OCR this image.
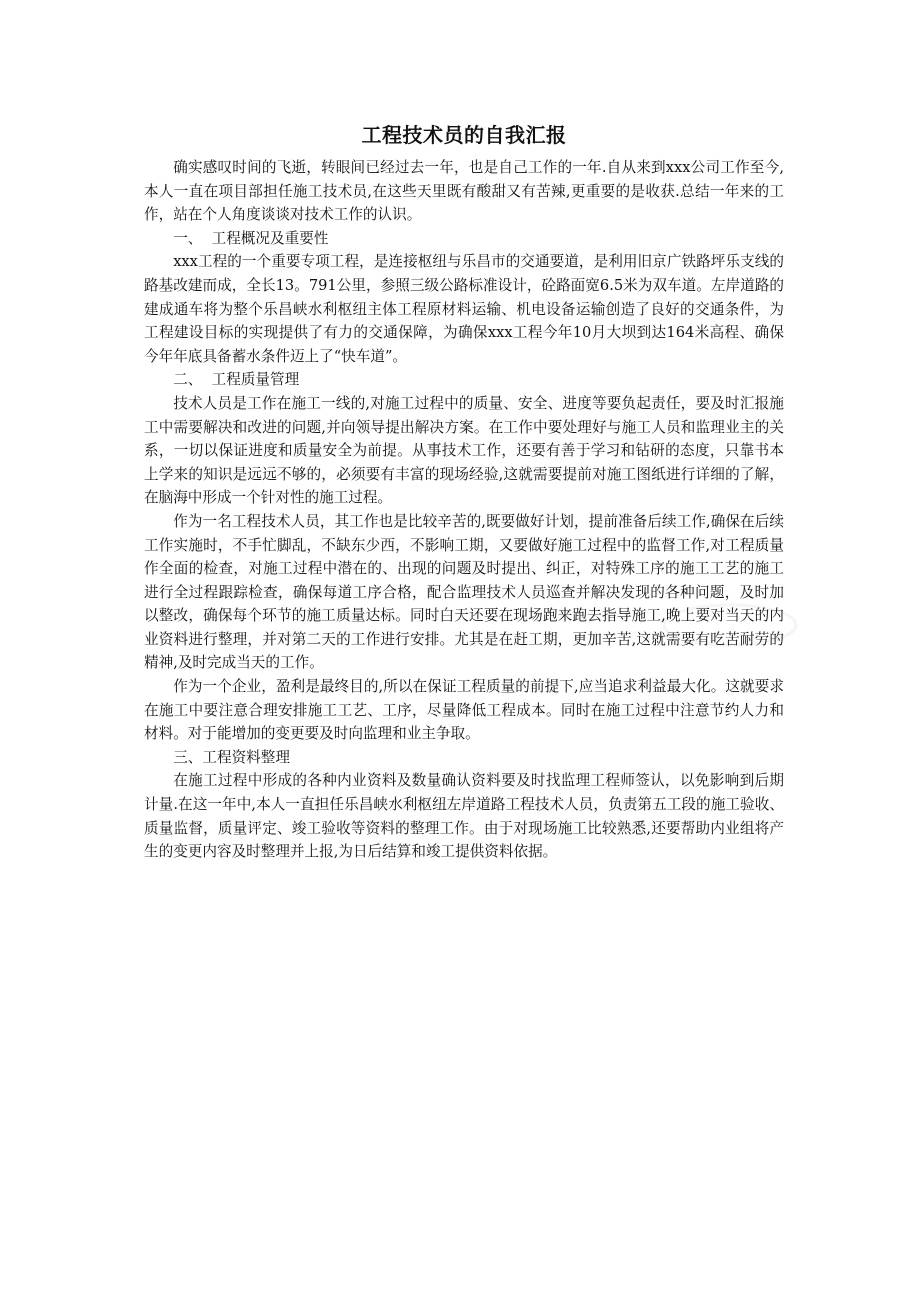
工程技术员的自我汇报

确实感叹时间的飞逝，转眼间已经过去一年，也是自己工作的一年.自从来到xxx公司工作至今,本人一直在项目部担任施工技术员,在这些天里既有酸甜又有苦辣,更重要的是收获.总结一年来的工作，站在个人角度谈谈对技术工作的认识。

一、  工程概况及重要性

xxx工程的一个重要专项工程，是连接枢纽与乐昌市的交通要道，是利用旧京广铁路坪乐支线的路基改建而成，全长13。791公里，参照三级公路标准设计，砼路面宽6.5米为双车道。左岸道路的建成通车将为整个乐昌峡水利枢纽主体工程原材料运输、机电设备运输创造了良好的交通条件，为工程建设目标的实现提供了有力的交通保障，为确保xxx工程今年10月大坝到达164米高程、确保今年年底具备蓄水条件迈上了“快车道”。

二、  工程质量管理

技术人员是工作在施工一线的,对施工过程中的质量、安全、进度等要负起责任，要及时汇报施工中需要解决和改进的问题,并向领导提出解决方案。在工作中要处理好与施工人员和监理业主的关系，一切以保证进度和质量安全为前提。从事技术工作，还要有善于学习和钻研的态度，只靠书本上学来的知识是远远不够的，必须要有丰富的现场经验,这就需要提前对施工图纸进行详细的了解，在脑海中形成一个针对性的施工过程。

作为一名工程技术人员，其工作也是比较辛苦的,既要做好计划，提前准备后续工作,确保在后续工作实施时，不手忙脚乱，不缺东少西，不影响工期，又要做好施工过程中的监督工作,对工程质量作全面的检查，对施工过程中潜在的、出现的问题及时提出、纠正，对特殊工序的施工工艺的施工进行全过程跟踪检查，确保每道工序合格，配合监理技术人员巡查并解决发现的各种问题，及时加以整改，确保每个环节的施工质量达标。同时白天还要在现场跑来跑去指导施工,晚上要对当天的内业资料进行整理，并对第二天的工作进行安排。尤其是在赶工期，更加辛苦,这就需要有吃苦耐劳的精神,及时完成当天的工作。

作为一个企业，盈利是最终目的,所以在保证工程质量的前提下,应当追求利益最大化。这就要求在施工中要注意合理安排施工工艺、工序，尽量降低工程成本。同时在施工过程中注意节约人力和材料。对于能增加的变更要及时向监理和业主争取。

三、工程资料整理

在施工过程中形成的各种内业资料及数量确认资料要及时找监理工程师签认，以免影响到后期计量.在这一年中,本人一直担任乐昌峡水利枢纽左岸道路工程技术人员，负责第五工段的施工验收、质量监督，质量评定、竣工验收等资料的整理工作。由于对现场施工比较熟悉,还要帮助内业组将产生的变更内容及时整理并上报,为日后结算和竣工提供资料依据。
